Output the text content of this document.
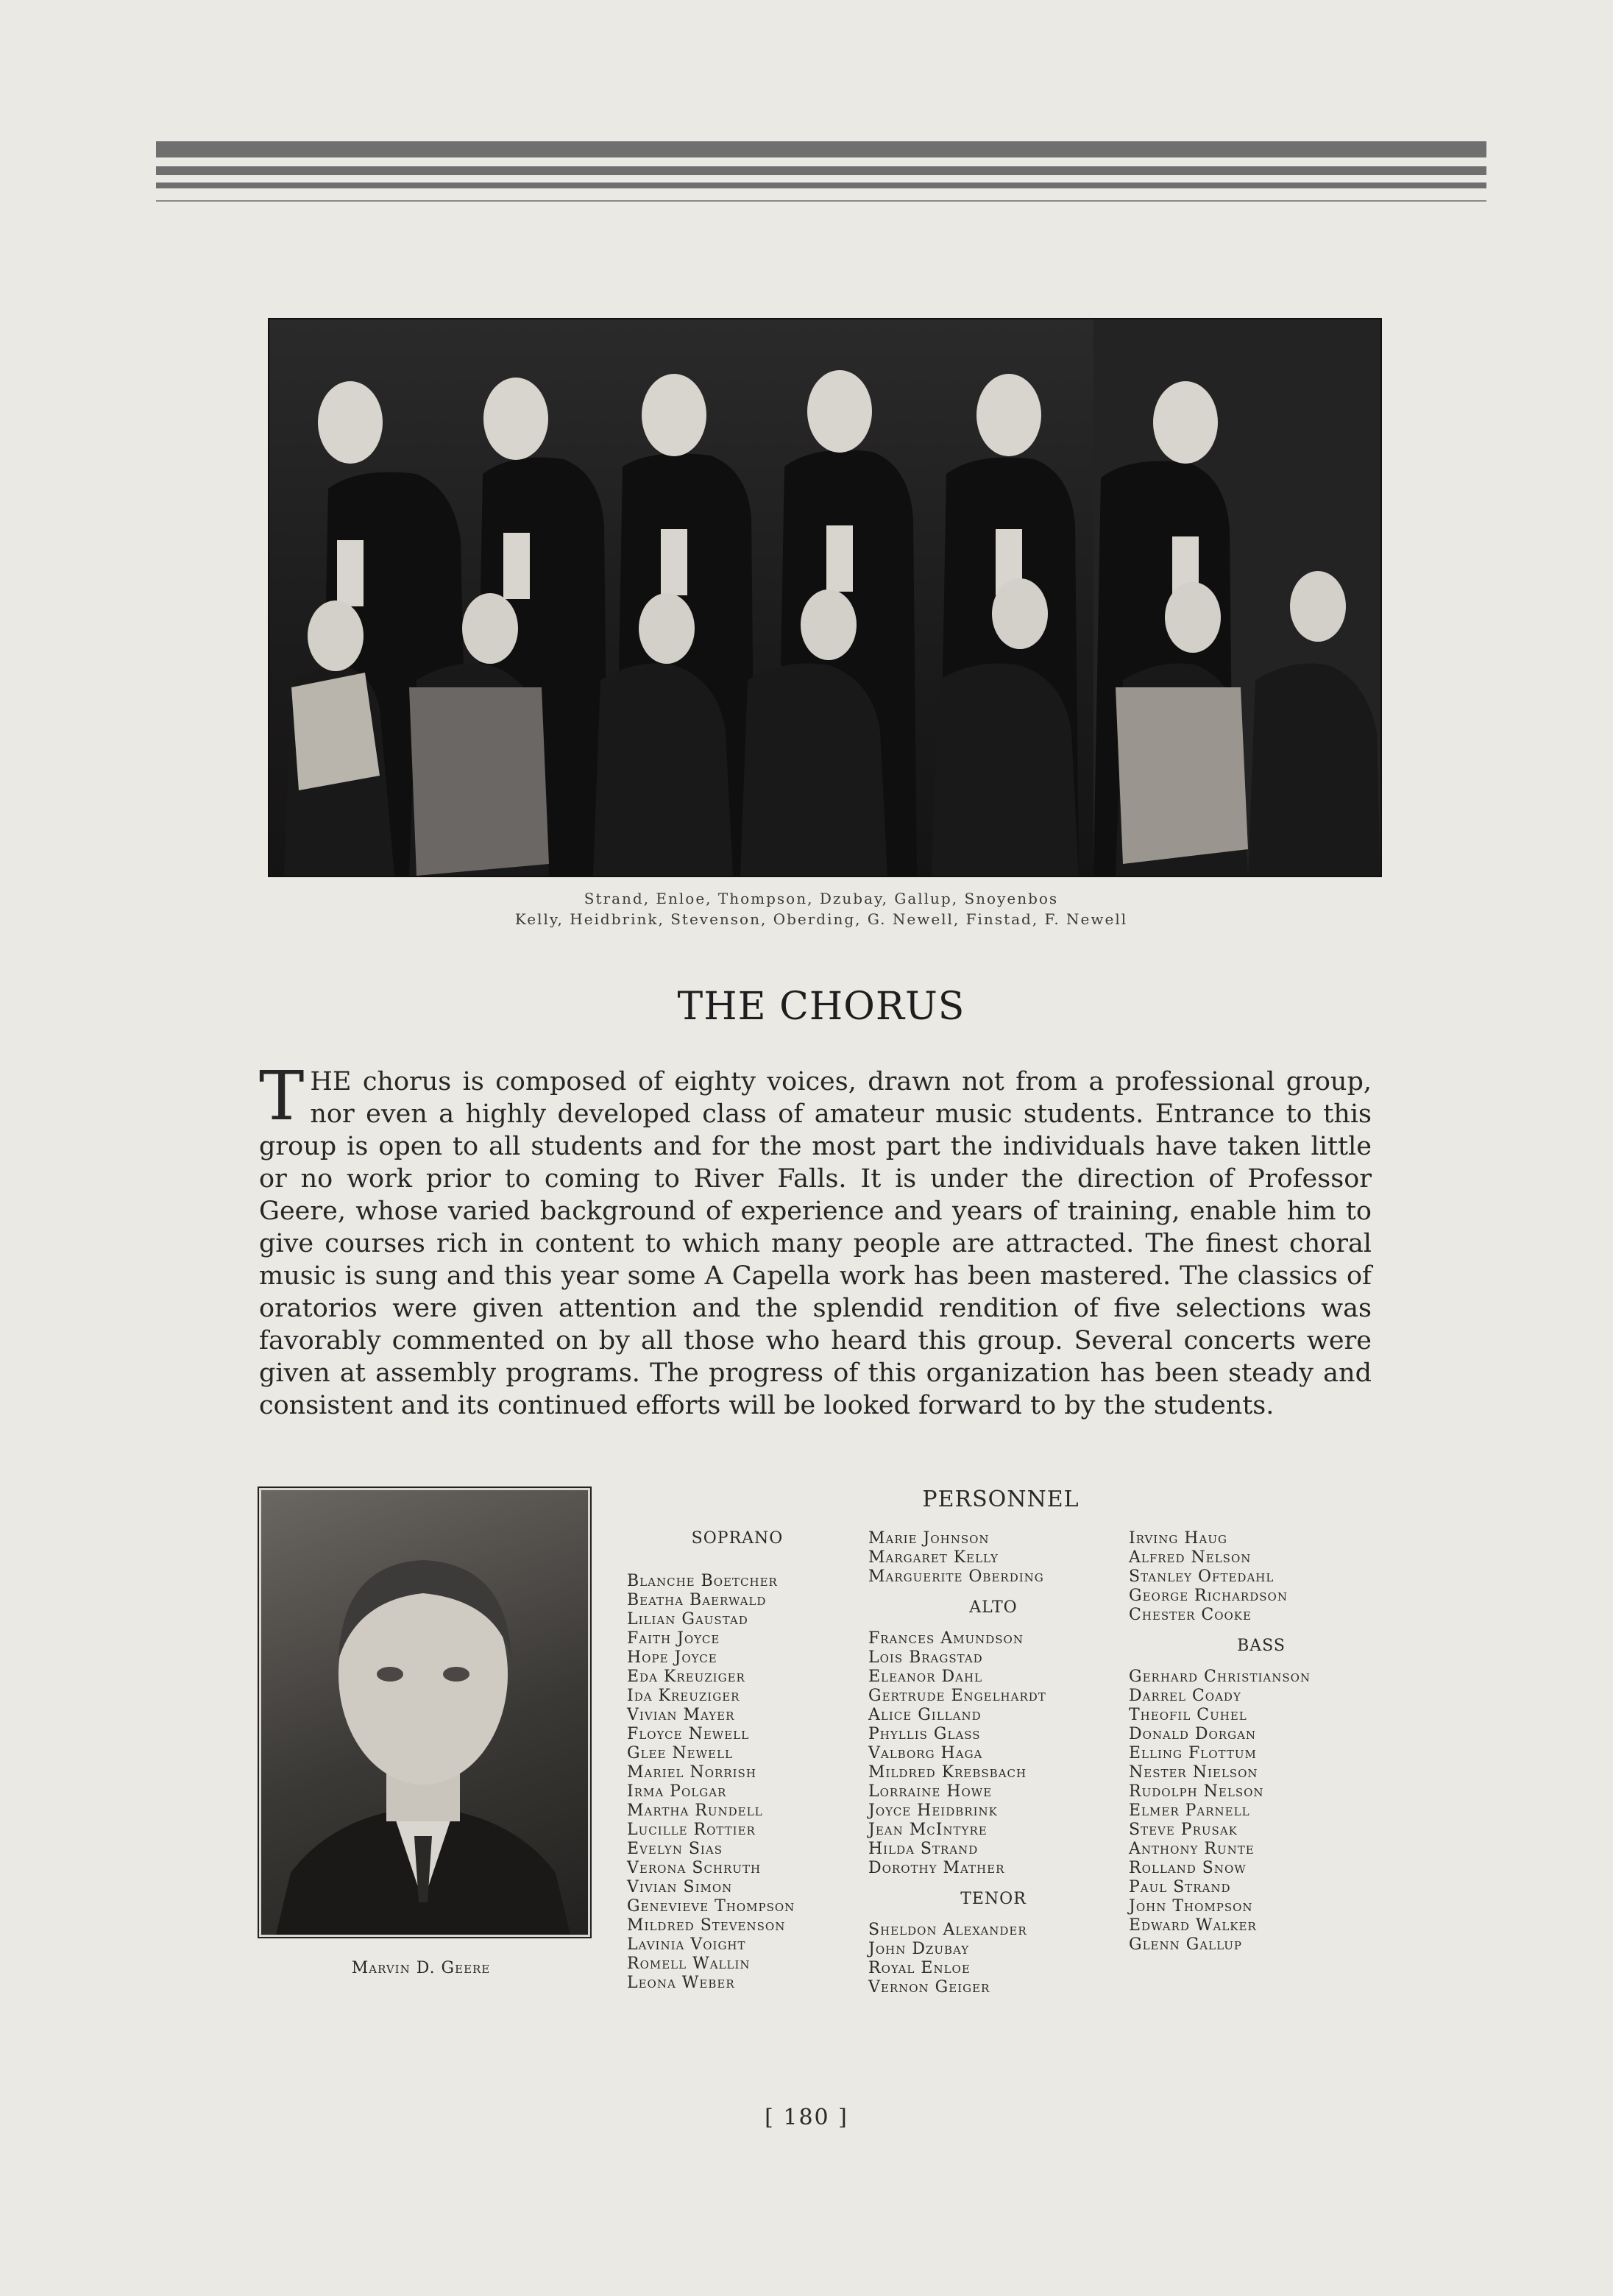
Strand, Enloe, Thompson, Dzubay, Gallup, Snoyenbos
Kelly, Heidbrink, Stevenson, Oberding, G. Newell, Finstad, F. Newell
THE CHORUS
THE chorus is composed of eighty voices, drawn not from a professional group, nor even a highly developed class of amateur music students. Entrance to this group is open to all students and for the most part the individuals have taken little or no work prior to coming to River Falls. It is under the direction of Professor Geere, whose varied background of experience and years of training, enable him to give courses rich in content to which many people are attracted. The finest choral music is sung and this year some A Capella work has been mastered. The classics of oratorios were given attention and the splendid rendition of five selections was favorably commented on by all those who heard this group. Several concerts were given at assembly programs. The progress of this organization has been steady and consistent and its continued efforts will be looked forward to by the students.
Marvin D. Geere
PERSONNEL
SOPRANO
Blanche Boetcher
Beatha Baerwald
Lilian Gaustad
Faith Joyce
Hope Joyce
Eda Kreuziger
Ida Kreuziger
Vivian Mayer
Floyce Newell
Glee Newell
Mariel Norrish
Irma Polgar
Martha Rundell
Lucille Rottier
Evelyn Sias
Verona Schruth
Vivian Simon
Genevieve Thompson
Mildred Stevenson
Lavinia Voight
Romell Wallin
Leona Weber
Marie Johnson
Margaret Kelly
Marguerite Oberding
ALTO
Frances Amundson
Lois Bragstad
Eleanor Dahl
Gertrude Engelhardt
Alice Gilland
Phyllis Glass
Valborg Haga
Mildred Krebsbach
Lorraine Howe
Joyce Heidbrink
Jean McIntyre
Hilda Strand
Dorothy Mather
TENOR
Sheldon Alexander
John Dzubay
Royal Enloe
Vernon Geiger
Irving Haug
Alfred Nelson
Stanley Oftedahl
George Richardson
Chester Cooke
BASS
Gerhard Christianson
Darrel Coady
Theofil Cuhel
Donald Dorgan
Elling Flottum
Nester Nielson
Rudolph Nelson
Elmer Parnell
Steve Prusak
Anthony Runte
Rolland Snow
Paul Strand
John Thompson
Edward Walker
Glenn Gallup
[ 180 ]
